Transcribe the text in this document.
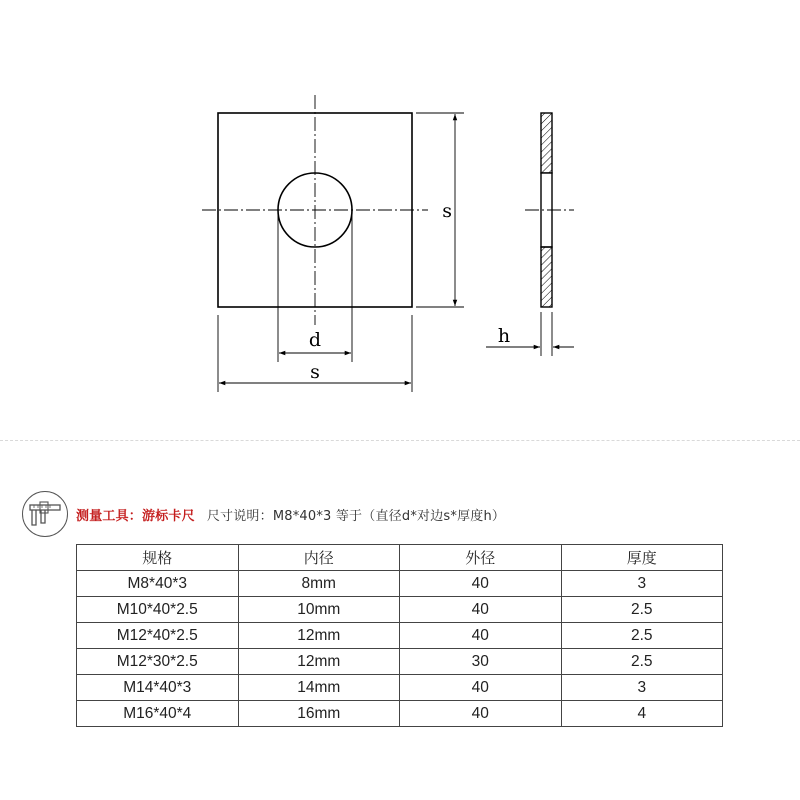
d
s
s
h
测量工具：游标卡尺 尺寸说明：M8*40*3 等于（直径d*对边s*厚度h）
规格	内径	外径	厚度
M8*40*3	8mm	40	3
M10*40*2.5	10mm	40	2.5
M12*40*2.5	12mm	40	2.5
M12*30*2.5	12mm	30	2.5
M14*40*3	14mm	40	3
M16*40*4	16mm	40	4
